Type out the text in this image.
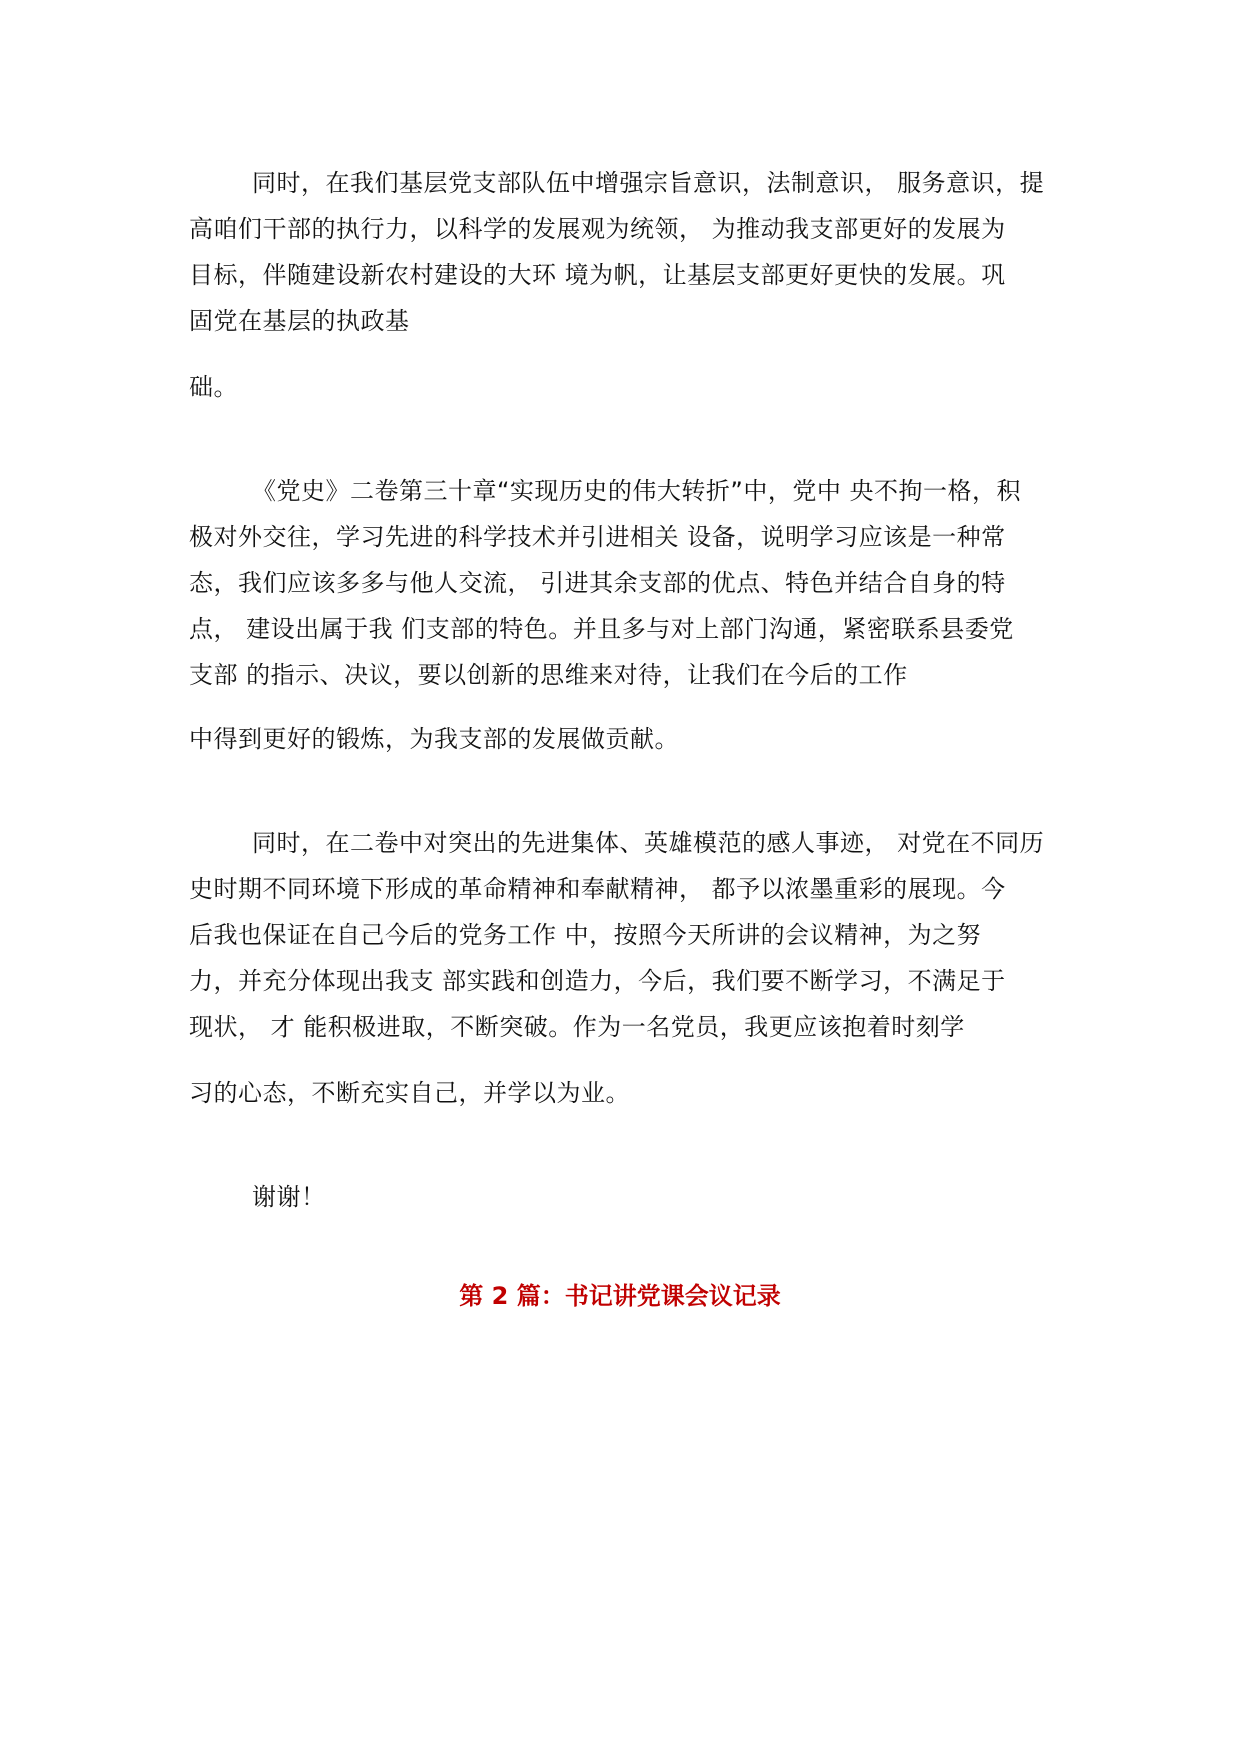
同时，在我们基层党支部队伍中增强宗旨意识，法制意识， 服务意识，提
高咱们干部的执行力，以科学的发展观为统领， 为推动我支部更好的发展为
目标，伴随建设新农村建设的大环 境为帆，让基层支部更好更快的发展。巩
固党在基层的执政基
础。
《党史》二卷第三十章“实现历史的伟大转折”中，党中 央不拘一格，积
极对外交往，学习先进的科学技术并引进相关 设备，说明学习应该是一种常
态，我们应该多多与他人交流， 引进其余支部的优点、特色并结合自身的特
点， 建设出属于我 们支部的特色。并且多与对上部门沟通，紧密联系县委党
支部 的指示、决议，要以创新的思维来对待，让我们在今后的工作
中得到更好的锻炼，为我支部的发展做贡献。
同时，在二卷中对突出的先进集体、英雄模范的感人事迹， 对党在不同历
史时期不同环境下形成的革命精神和奉献精神， 都予以浓墨重彩的展现。今
后我也保证在自己今后的党务工作 中，按照今天所讲的会议精神，为之努
力，并充分体现出我支 部实践和创造力，今后，我们要不断学习，不满足于
现状， 才 能积极进取，不断突破。作为一名党员，我更应该抱着时刻学
习的心态，不断充实自己，并学以为业。
谢谢！
第 2 篇：书记讲党课会议记录
